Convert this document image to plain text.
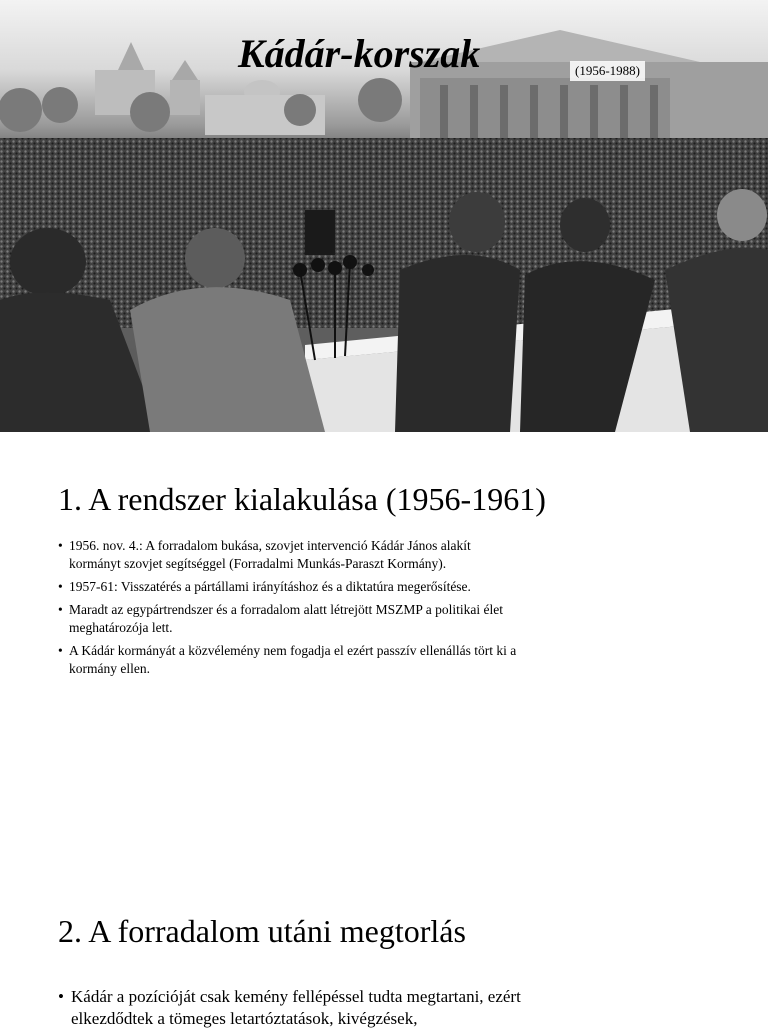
Kádár-korszak	(1956-1988)
1. A rendszer kialakulása (1956-1961)
• 1956. nov. 4.: A forradalom bukása, szovjet intervenció Kádár János alakít kormányt szovjet segítséggel (Forradalmi Munkás-Paraszt Kormány).
• 1957-61: Visszatérés a pártállami irányításhoz és a diktatúra megerősítése.
• Maradt az egypártrendszer és a forradalom alatt létrejött MSZMP a politikai élet meghatározója lett.
• A Kádár kormányát a közvélemény nem fogadja el ezért passzív ellenállás tört ki a kormány ellen.
2. A forradalom utáni megtorlás
• Kádár a pozícióját csak kemény fellépéssel tudta megtartani, ezért elkezdődtek a tömeges letartóztatások, kivégzések,
